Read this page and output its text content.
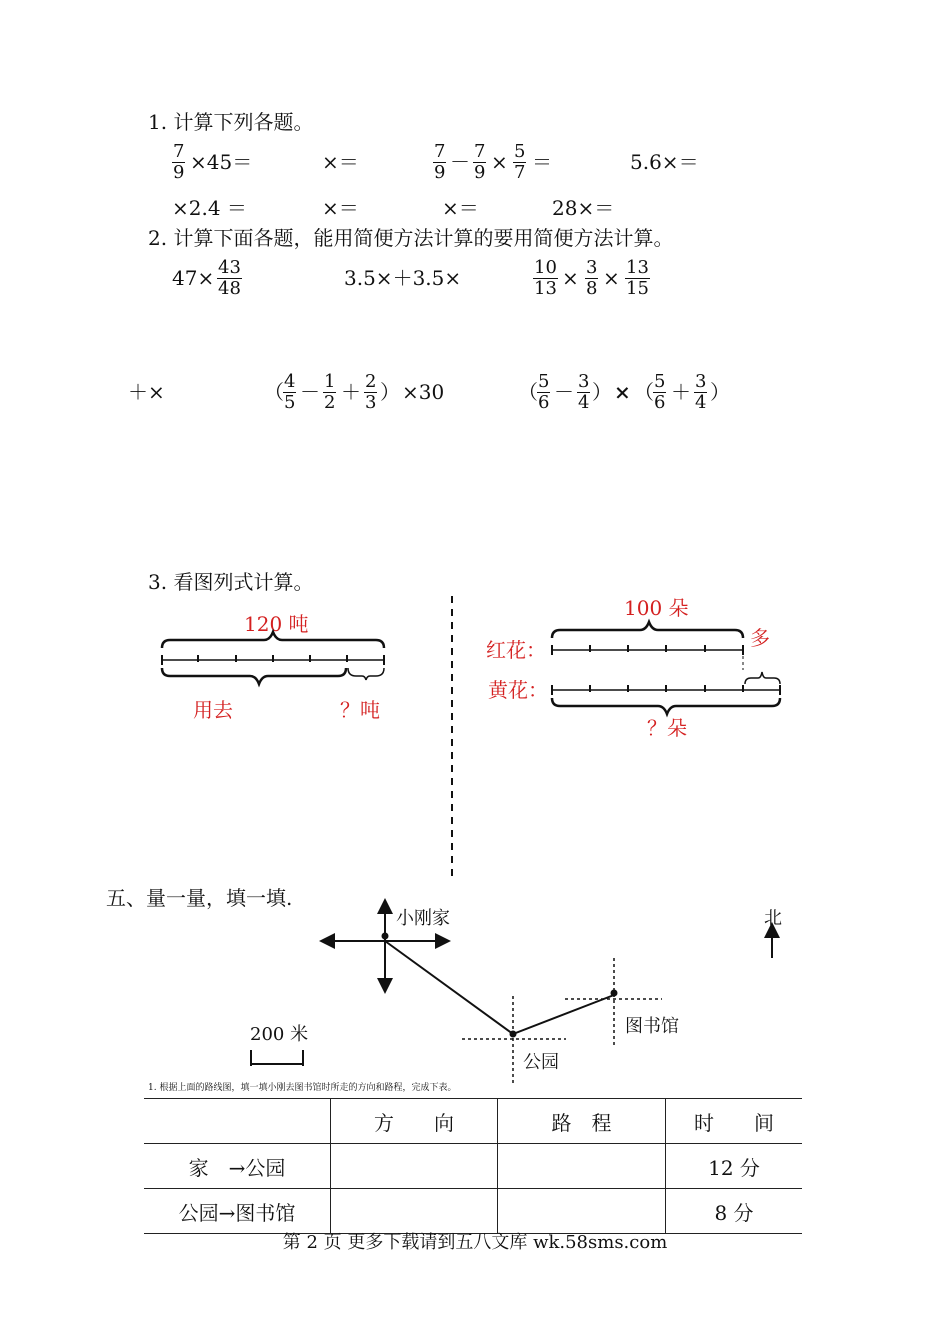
1. 计算下列各题。
$\frac{7}{9} \times 45=$	×＝	$\frac{7}{9} - \frac{7}{9} \times \frac{5}{7}$ ＝	5.6×＝
×2.4 ＝	×＝	×＝	28×＝
2. 计算下面各题，能用简便方法计算的要用简便方法计算。
$47\times \frac{43}{48}$	3.5×＋3.5×	$\frac{10}{13} \times \frac{3}{8} \times \frac{13}{15}$
＋×	（ $\frac{4}{5} - \frac{1}{2} + \frac{2}{3}$ ） ×30	（ $\frac{5}{6} - \frac{3}{4}$ ） × （ $\frac{5}{6} + \frac{3}{4}$ ）
3. 看图列式计算。
120 吨
用去	？吨
100 朵
多
红花：
黄花：
？朵
五、量一量，填一填.
小刚家
公园
图书馆
北
200 米
1. 根据上面的路线图，填一填小刚去图书馆时所走的方向和路程，完成下表。
	方　　向	路　程	时　　间
家　→公园			12 分
公园→图书馆			8 分
第 2 页 更多下载请到五八文库 wk.58sms.com
